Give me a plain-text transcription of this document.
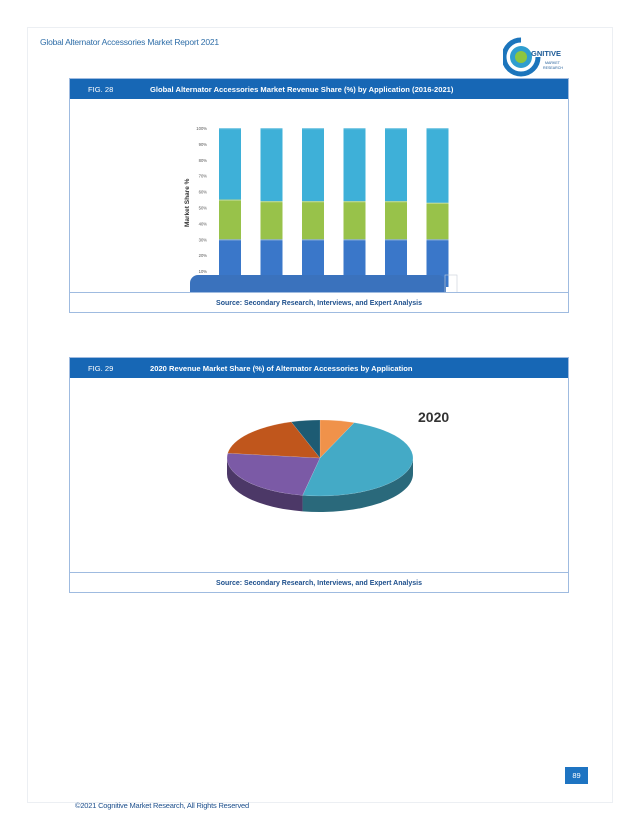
Global Alternator Accessories Market Report 2021
GNITIVE
MARKET
RESEARCH
FIG. 28	Global Alternator Accessories Market Revenue Share (%) by Application (2016-2021)
10%
20%
30%
40%
50%
60%
70%
80%
90%
100%
Market Share %
Source: Secondary Research, Interviews, and Expert Analysis
FIG. 29	2020 Revenue Market Share (%) of Alternator Accessories by Application
2020
Source: Secondary Research, Interviews, and Expert Analysis
89
©2021 Cognitive Market Research, All Rights Reserved
